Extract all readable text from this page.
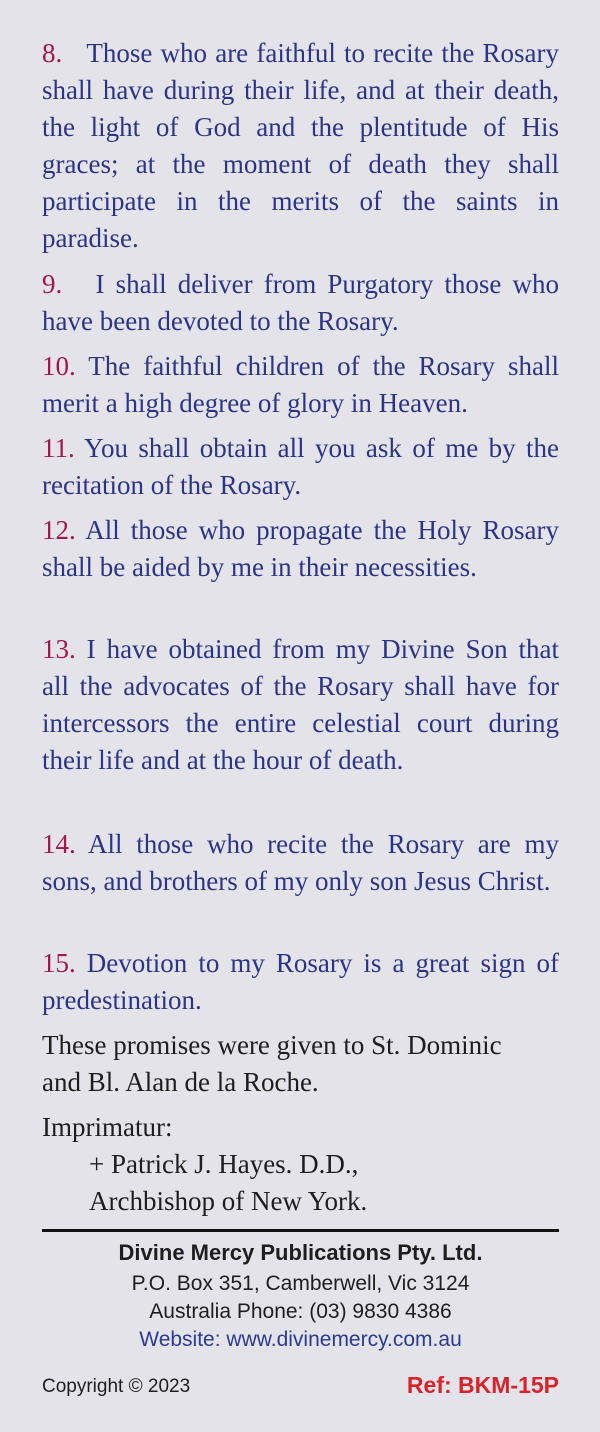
8. Those who are faithful to recite the Rosary shall have during their life, and at their death, the light of God and the plentitude of His graces; at the moment of death they shall participate in the merits of the saints in paradise.
9. I shall deliver from Purgatory those who have been devoted to the Rosary.
10. The faithful children of the Rosary shall merit a high degree of glory in Heaven.
11. You shall obtain all you ask of me by the recitation of the Rosary.
12. All those who propagate the Holy Rosary shall be aided by me in their necessities.
13. I have obtained from my Divine Son that all the advocates of the Rosary shall have for intercessors the entire celestial court during their life and at the hour of death.
14. All those who recite the Rosary are my sons, and brothers of my only son Jesus Christ.
15. Devotion to my Rosary is a great sign of predestination.
These promises were given to St. Dominic
and Bl. Alan de la Roche.
Imprimatur:
+ Patrick J. Hayes. D.D.,
Archbishop of New York.
Divine Mercy Publications Pty. Ltd.
P.O. Box 351, Camberwell, Vic 3124
Australia Phone: (03) 9830 4386
Website: www.divinemercy.com.au
Copyright © 2023	Ref: BKM-15P
